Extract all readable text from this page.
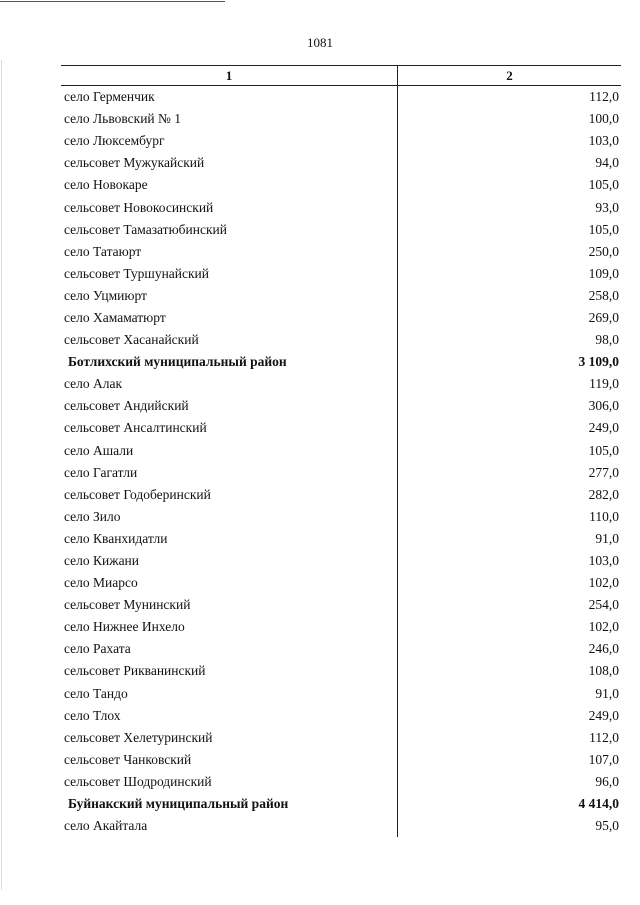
1081
1	2
село Герменчик	112,0
село Львовский № 1	100,0
село Люксембург	103,0
сельсовет Мужукайский	94,0
село Новокаре	105,0
сельсовет Новокосинский	93,0
сельсовет Тамазатюбинский	105,0
село Татаюрт	250,0
сельсовет Туршунайский	109,0
село Уцмиюрт	258,0
село Хамаматюрт	269,0
сельсовет Хасанайский	98,0
Ботлихский муниципальный район	3 109,0
село Алак	119,0
сельсовет Андийский	306,0
сельсовет Ансалтинский	249,0
село Ашали	105,0
село Гагатли	277,0
сельсовет Годоберинский	282,0
село Зило	110,0
село Кванхидатли	91,0
село Кижани	103,0
село Миарсо	102,0
сельсовет Мунинский	254,0
село Нижнее Инхело	102,0
село Рахата	246,0
сельсовет Рикванинский	108,0
село Тандо	91,0
село Тлох	249,0
сельсовет Хелетуринский	112,0
сельсовет Чанковский	107,0
сельсовет Шодродинский	96,0
Буйнакский муниципальный район	4 414,0
село Акайтала	95,0
